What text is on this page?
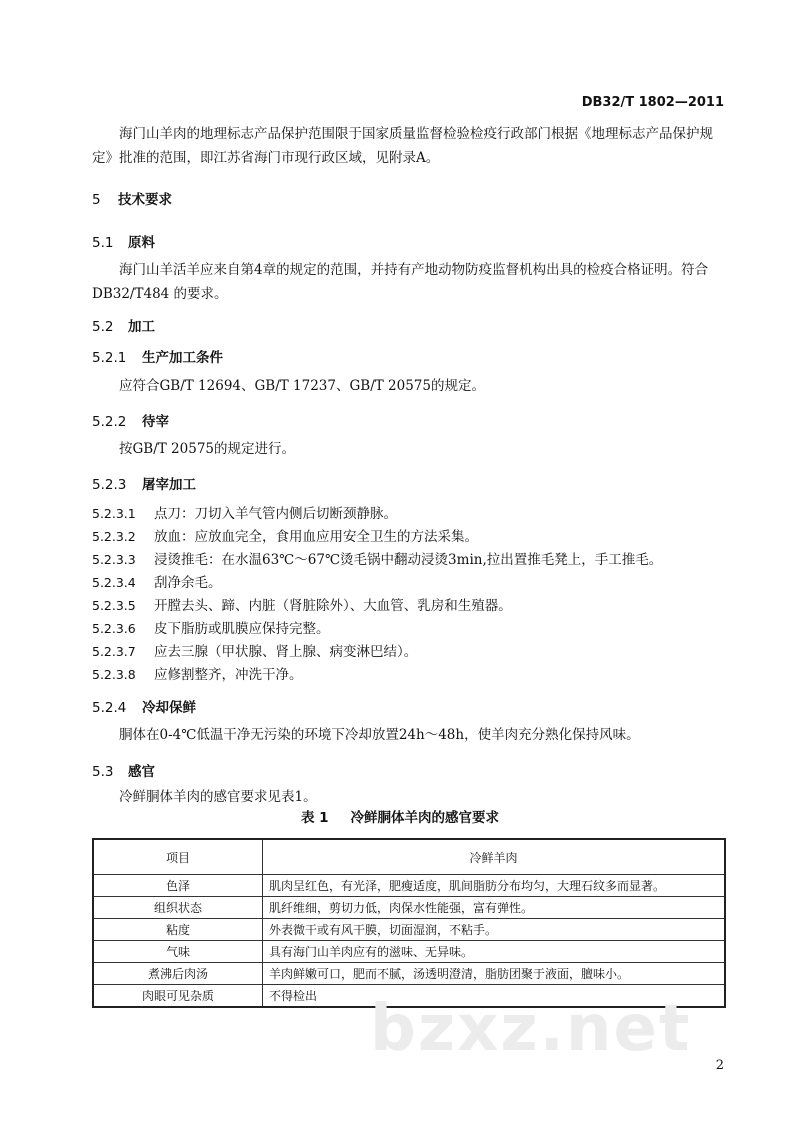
DB32/T 1802—2011
海门山羊肉的地理标志产品保护范围限于国家质量监督检验检疫行政部门根据《地理标志产品保护规定》批准的范围，即江苏省海门市现行政区域，见附录A。
5 技术要求
5.1 原料
海门山羊活羊应来自第4章的规定的范围，并持有产地动物防疫监督机构出具的检疫合格证明。符合DB32/T484 的要求。
5.2 加工
5.2.1 生产加工条件
应符合GB/T 12694、GB/T 17237、GB/T 20575的规定。
5.2.2 待宰
按GB/T 20575的规定进行。
5.2.3 屠宰加工
5.2.3.1 点刀：刀切入羊气管内侧后切断颈静脉。
5.2.3.2 放血：应放血完全，食用血应用安全卫生的方法采集。
5.2.3.3 浸烫推毛：在水温63℃～67℃烫毛锅中翻动浸烫3min,拉出置推毛凳上，手工推毛。
5.2.3.4 刮净余毛。
5.2.3.5 开膛去头、蹄、内脏（肾脏除外）、大血管、乳房和生殖器。
5.2.3.6 皮下脂肪或肌膜应保持完整。
5.2.3.7 应去三腺（甲状腺、肾上腺、病变淋巴结）。
5.2.3.8 应修割整齐，冲洗干净。
5.2.4 冷却保鲜
胴体在0-4℃低温干净无污染的环境下冷却放置24h～48h，使羊肉充分熟化保持风味。
5.3 感官
冷鲜胴体羊肉的感官要求见表1。
表 1 冷鲜胴体羊肉的感官要求
项目	冷鲜羊肉
色泽	肌肉呈红色，有光泽，肥瘦适度，肌间脂肪分布均匀，大理石纹多而显著。
组织状态	肌纤维细，剪切力低，肉保水性能强，富有弹性。
粘度	外表微干或有风干膜，切面湿润，不粘手。
气味	具有海门山羊肉应有的滋味、无异味。
煮沸后肉汤	羊肉鲜嫩可口，肥而不腻，汤透明澄清，脂肪团聚于液面，膻味小。
肉眼可见杂质	不得检出 bzxz.net 2
